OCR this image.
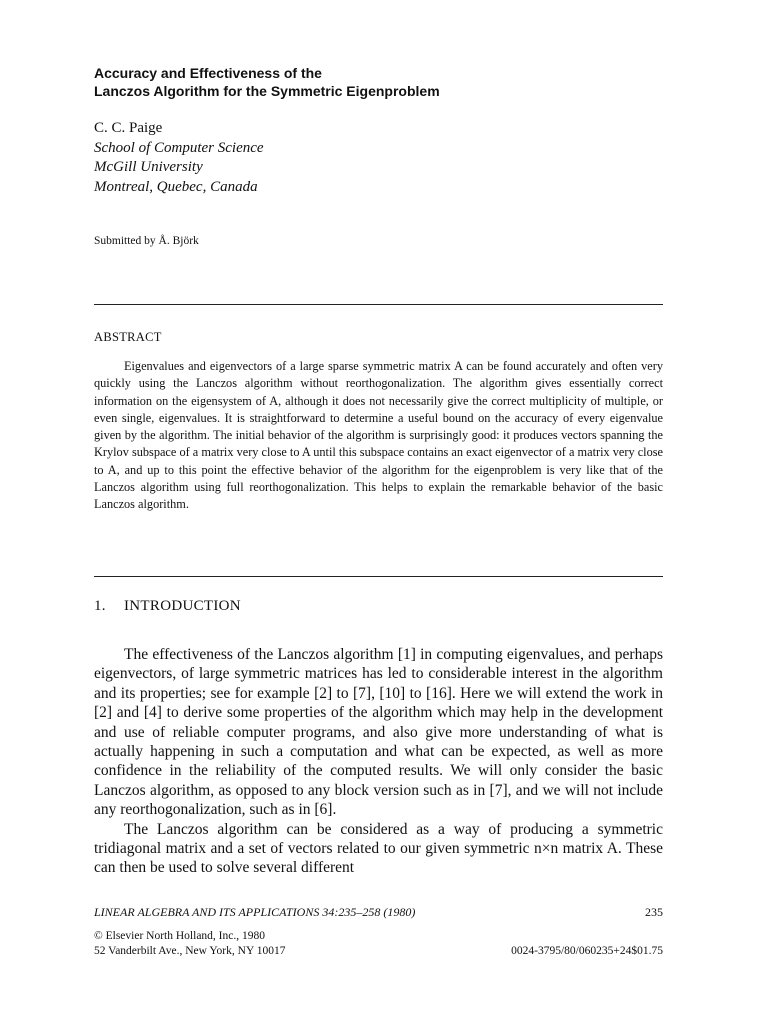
Accuracy and Effectiveness of the
Lanczos Algorithm for the Symmetric Eigenproblem
C. C. Paige
School of Computer Science
McGill University
Montreal, Quebec, Canada
Submitted by Å. Björk
ABSTRACT

Eigenvalues and eigenvectors of a large sparse symmetric matrix A can be found accurately and often very quickly using the Lanczos algorithm without reorthogonalization. The algorithm gives essentially correct information on the eigensystem of A, although it does not necessarily give the correct multiplicity of multiple, or even single, eigenvalues. It is straightforward to determine a useful bound on the accuracy of every eigenvalue given by the algorithm. The initial behavior of the algorithm is surprisingly good: it produces vectors spanning the Krylov subspace of a matrix very close to A until this subspace contains an exact eigenvector of a matrix very close to A, and up to this point the effective behavior of the algorithm for the eigenproblem is very like that of the Lanczos algorithm using full reorthogonalization. This helps to explain the remarkable behavior of the basic Lanczos algorithm.

1. INTRODUCTION

The effectiveness of the Lanczos algorithm [1] in computing eigenvalues, and perhaps eigenvectors, of large symmetric matrices has led to considerable interest in the algorithm and its properties; see for example [2] to [7], [10] to [16]. Here we will extend the work in [2] and [4] to derive some properties of the algorithm which may help in the development and use of reliable computer programs, and also give more understanding of what is actually happening in such a computation and what can be expected, as well as more confidence in the reliability of the computed results. We will only consider the basic Lanczos algorithm, as opposed to any block version such as in [7], and we will not include any reorthogonalization, such as in [6].

The Lanczos algorithm can be considered as a way of producing a symmetric tridiagonal matrix and a set of vectors related to our given symmetric n×n matrix A. These can then be used to solve several different

LINEAR ALGEBRA AND ITS APPLICATIONS 34:235–258 (1980)	235
© Elsevier North Holland, Inc., 1980
52 Vanderbilt Ave., New York, NY 10017	0024-3795/80/060235+24$01.75
